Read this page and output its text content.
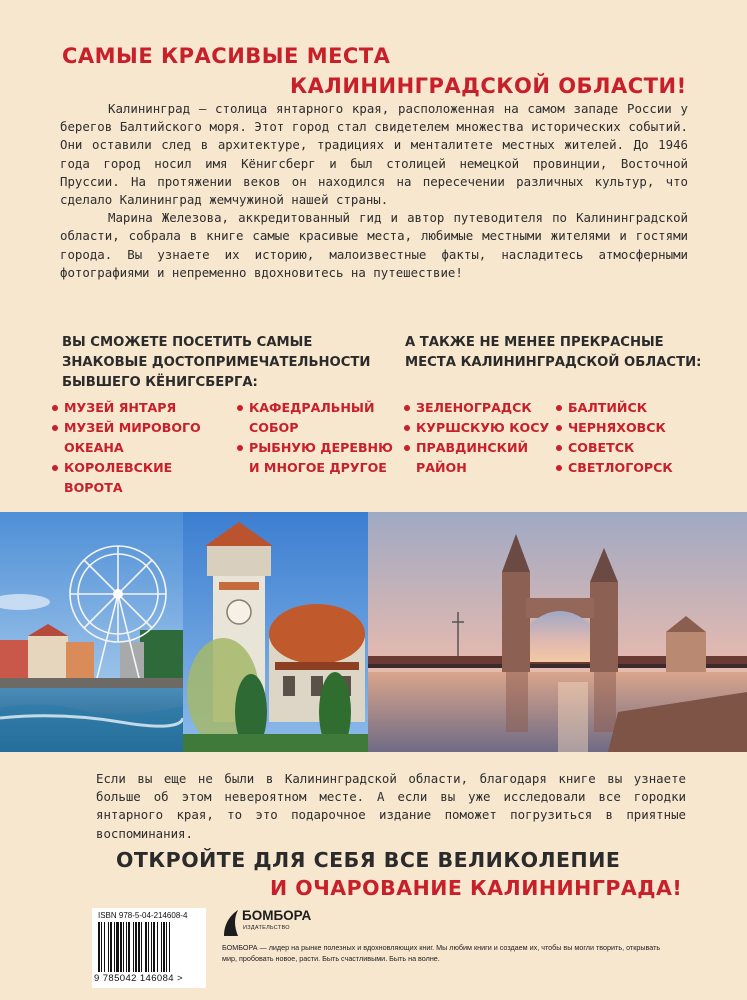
САМЫЕ КРАСИВЫЕ МЕСТА
КАЛИНИНГРАДСКОЙ ОБЛАСТИ!

Калининград – столица янтарного края, расположенная на самом западе России у берегов Балтийского моря. Этот город стал свидетелем множества исторических событий. Они оставили след в архитектуре, традициях и менталитете местных жителей. До 1946 года город носил имя Кёнигсберг и был столицей немецкой провинции, Восточной Пруссии. На протяжении веков он находился на пересечении различных культур, что сделало Калининград жемчужиной нашей страны.

Марина Железова, аккредитованный гид и автор путеводителя по Калининградской области, собрала в книге самые красивые места, любимые местными жителями и гостями города. Вы узнаете их историю, малоизвестные факты, насладитесь атмосферными фотографиями и непременно вдохновитесь на путешествие!

ВЫ СМОЖЕТЕ ПОСЕТИТЬ САМЫЕ ЗНАКОВЫЕ ДОСТОПРИМЕЧАТЕЛЬНОСТИ БЫВШЕГО КЁНИГСБЕРГА:
А ТАКЖЕ НЕ МЕНЕЕ ПРЕКРАСНЫЕ МЕСТА КАЛИНИНГРАДСКОЙ ОБЛАСТИ:
МУЗЕЙ ЯНТАРЯ
МУЗЕЙ МИРОВОГО ОКЕАНА
КОРОЛЕВСКИЕ ВОРОТА
КАФЕДРАЛЬНЫЙ СОБОР
РЫБНУЮ ДЕРЕВНЮ И МНОГОЕ ДРУГОЕ
ЗЕЛЕНОГРАДСК
КУРШСКУЮ КОСУ
ПРАВДИНСКИЙ РАЙОН
БАЛТИЙСК
ЧЕРНЯХОВСК
СОВЕТСК
СВЕТЛОГОРСК
Если вы еще не были в Калининградской области, благодаря книге вы узнаете больше об этом невероятном месте. А если вы уже исследовали все городки янтарного края, то это подарочное издание поможет погрузиться в приятные воспоминания.
ОТКРОЙТЕ ДЛЯ СЕБЯ ВСЕ ВЕЛИКОЛЕПИЕ
И ОЧАРОВАНИЕ КАЛИНИНГРАДА!
ISBN 978-5-04-214608-4
9 785042 146084 >
БОМБОРА
ИЗДАТЕЛЬСТВО
БОМБОРА — лидер на рынке полезных и вдохновляющих книг. Мы любим книги и создаем их, чтобы вы могли творить, открывать мир, пробовать новое, расти. Быть счастливыми. Быть на волне.
